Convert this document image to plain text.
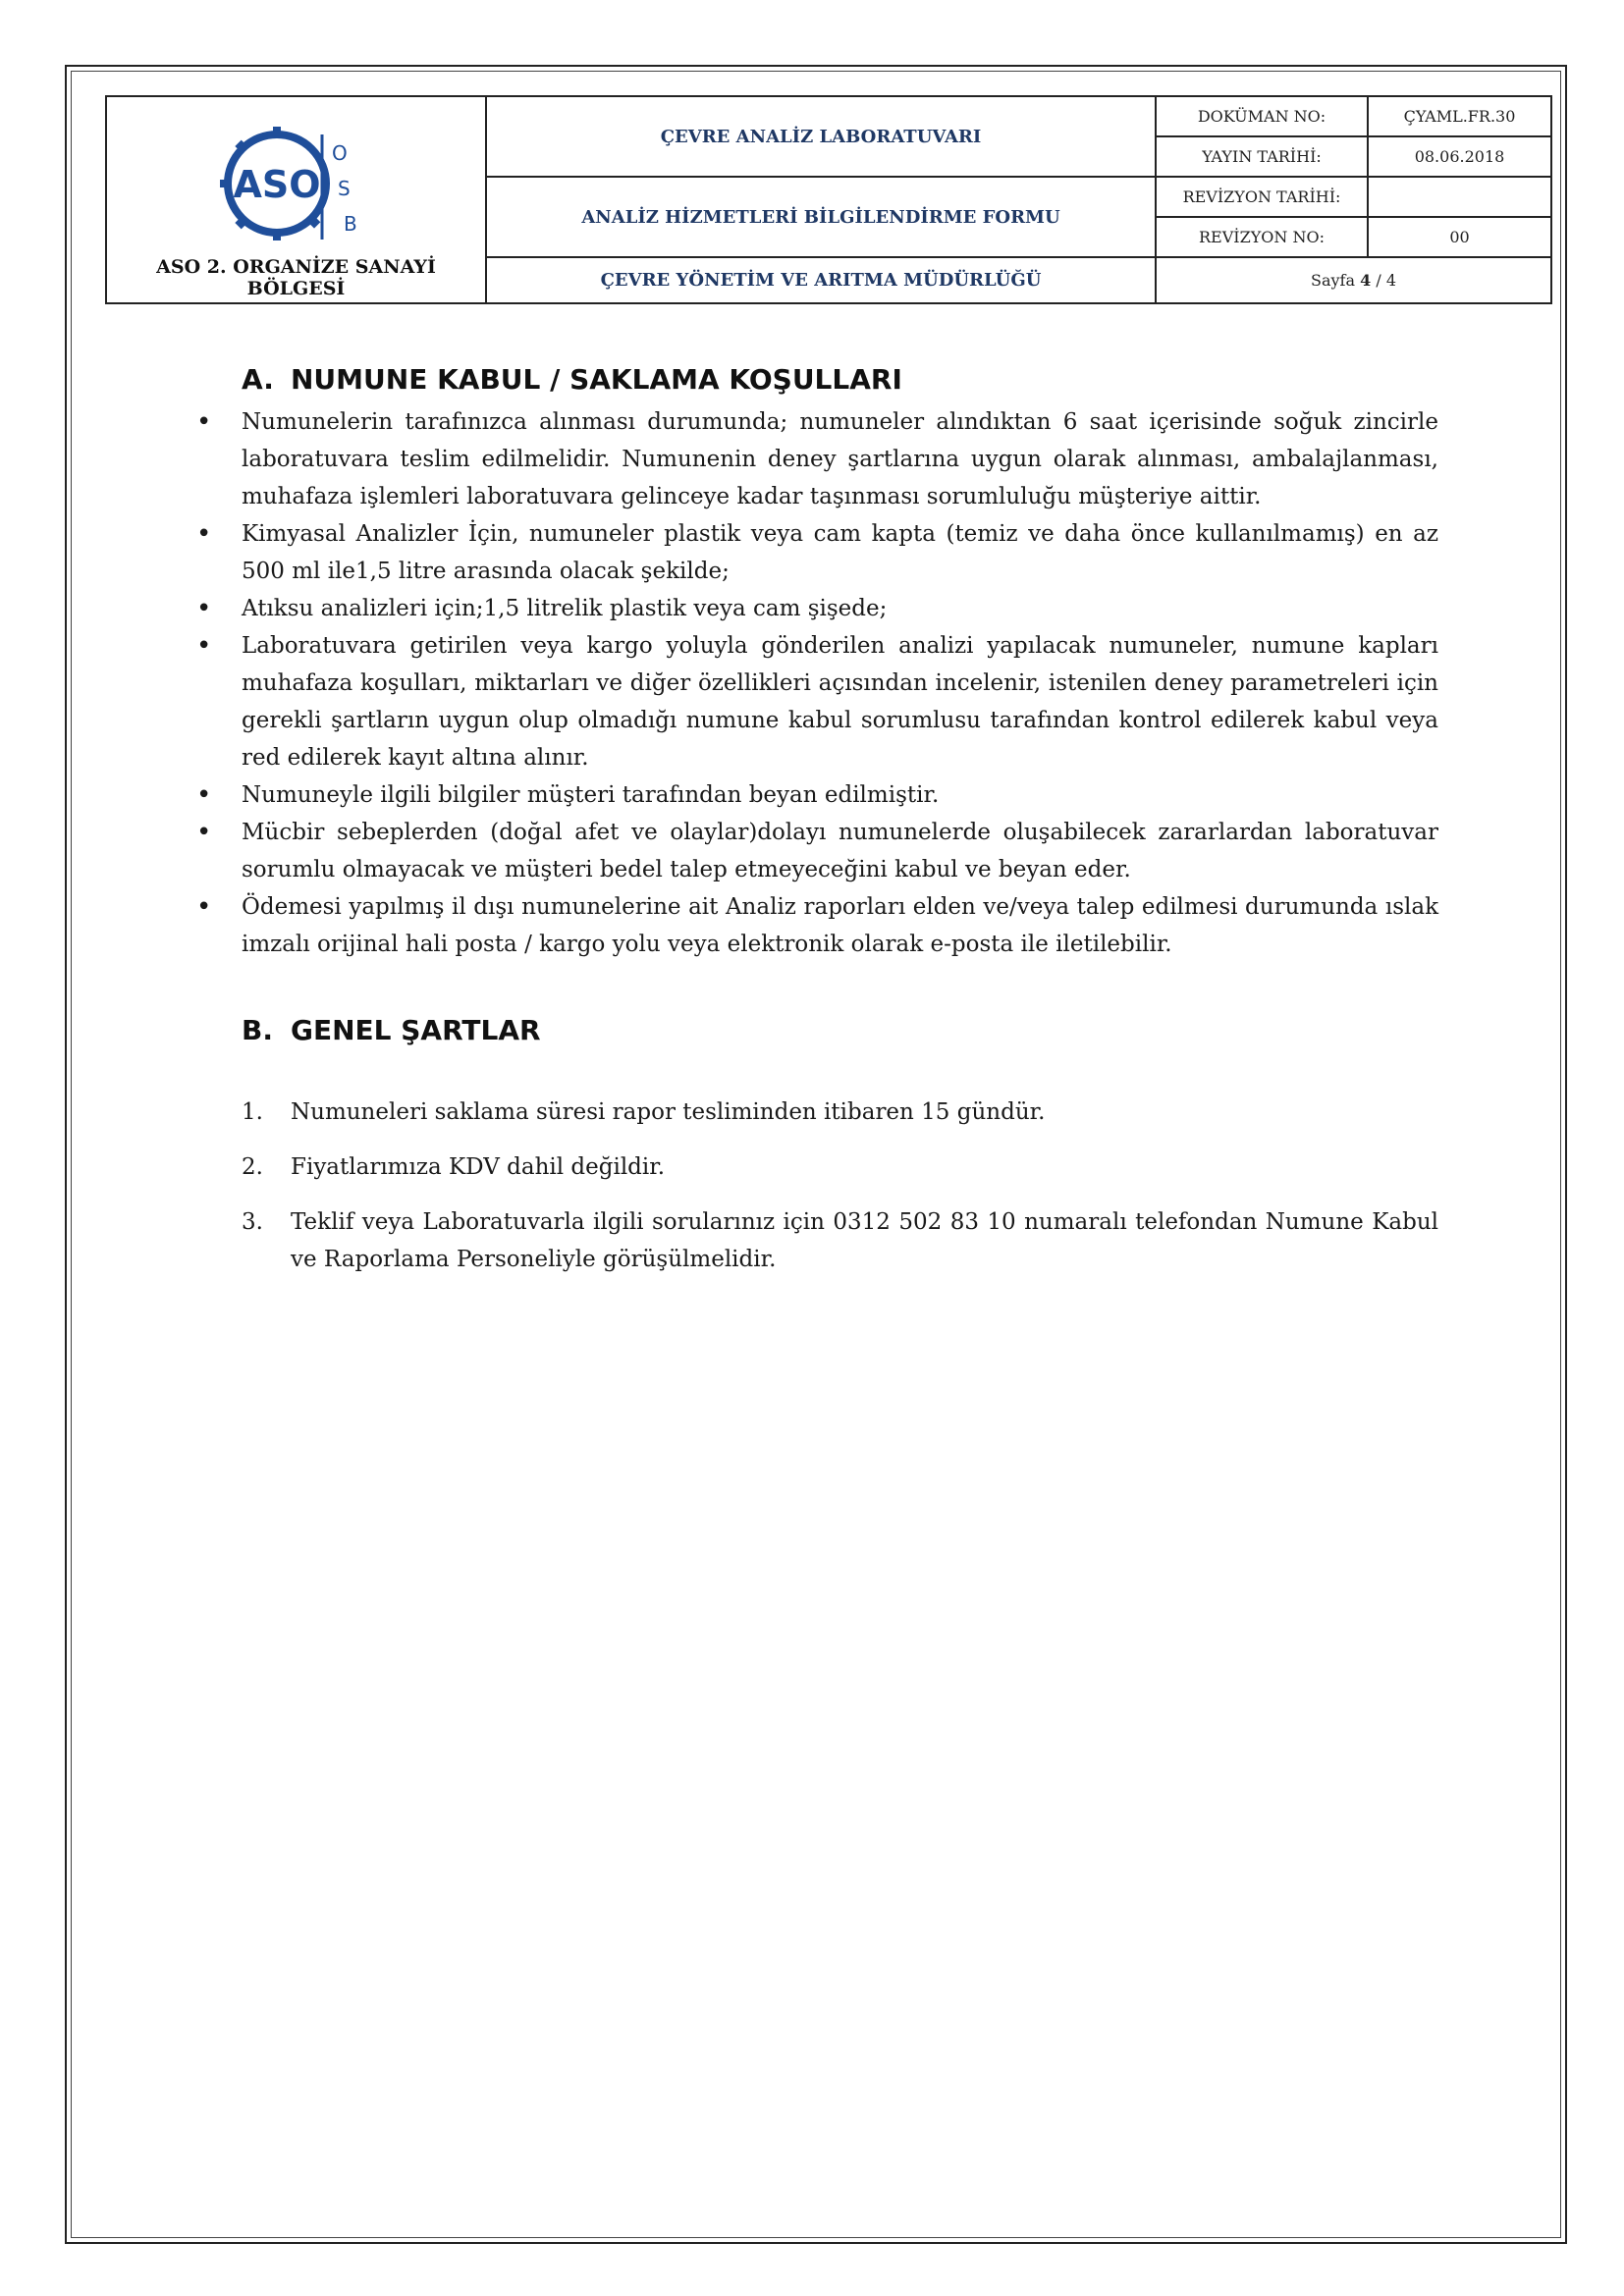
ASO
O
S
B
ASO 2. ORGANİZE SANAYİ BÖLGESİ
ÇEVRE ANALİZ LABORATUVARI
ANALİZ HİZMETLERİ BİLGİLENDİRME FORMU
ÇEVRE YÖNETİM VE ARITMA MÜDÜRLÜĞÜ
DOKÜMAN NO:	ÇYAML.FR.30
YAYIN TARİHİ:	08.06.2018
REVİZYON TARİHİ:
REVİZYON NO:	00
Sayfa
4
/
4
A. NUMUNE KABUL / SAKLAMA KOŞULLARI
• Numunelerin tarafınızca alınması durumunda; numuneler alındıktan 6 saat içerisinde soğuk zincirle laboratuvara teslim edilmelidir. Numunenin deney şartlarına uygun olarak alınması, ambalajlanması, muhafaza işlemleri laboratuvara gelinceye kadar taşınması sorumluluğu müşteriye aittir.
• Kimyasal Analizler İçin, numuneler plastik veya cam kapta (temiz ve daha önce kullanılmamış) en az 500 ml ile1,5 litre arasında olacak şekilde;
• Atıksu analizleri için;1,5 litrelik plastik veya cam şişede;
• Laboratuvara getirilen veya kargo yoluyla gönderilen analizi yapılacak numuneler, numune kapları muhafaza koşulları, miktarları ve diğer özellikleri açısından incelenir, istenilen deney parametreleri için gerekli şartların uygun olup olmadığı numune kabul sorumlusu tarafından kontrol edilerek kabul veya red edilerek kayıt altına alınır.
• Numuneyle ilgili bilgiler müşteri tarafından beyan edilmiştir.
• Mücbir sebeplerden (doğal afet ve olaylar)dolayı numunelerde oluşabilecek zararlardan laboratuvar sorumlu olmayacak ve müşteri bedel talep etmeyeceğini kabul ve beyan eder.
• Ödemesi yapılmış il dışı numunelerine ait Analiz raporları elden ve/veya talep edilmesi durumunda ıslak imzalı orijinal hali posta / kargo yolu veya elektronik olarak e-posta ile iletilebilir.
B. GENEL ŞARTLAR
1. Numuneleri saklama süresi rapor tesliminden itibaren 15 gündür.
2. Fiyatlarımıza KDV dahil değildir.
3. Teklif veya Laboratuvarla ilgili sorularınız için 0312 502 83 10 numaralı telefondan Numune Kabul ve Raporlama Personeliyle görüşülmelidir.
